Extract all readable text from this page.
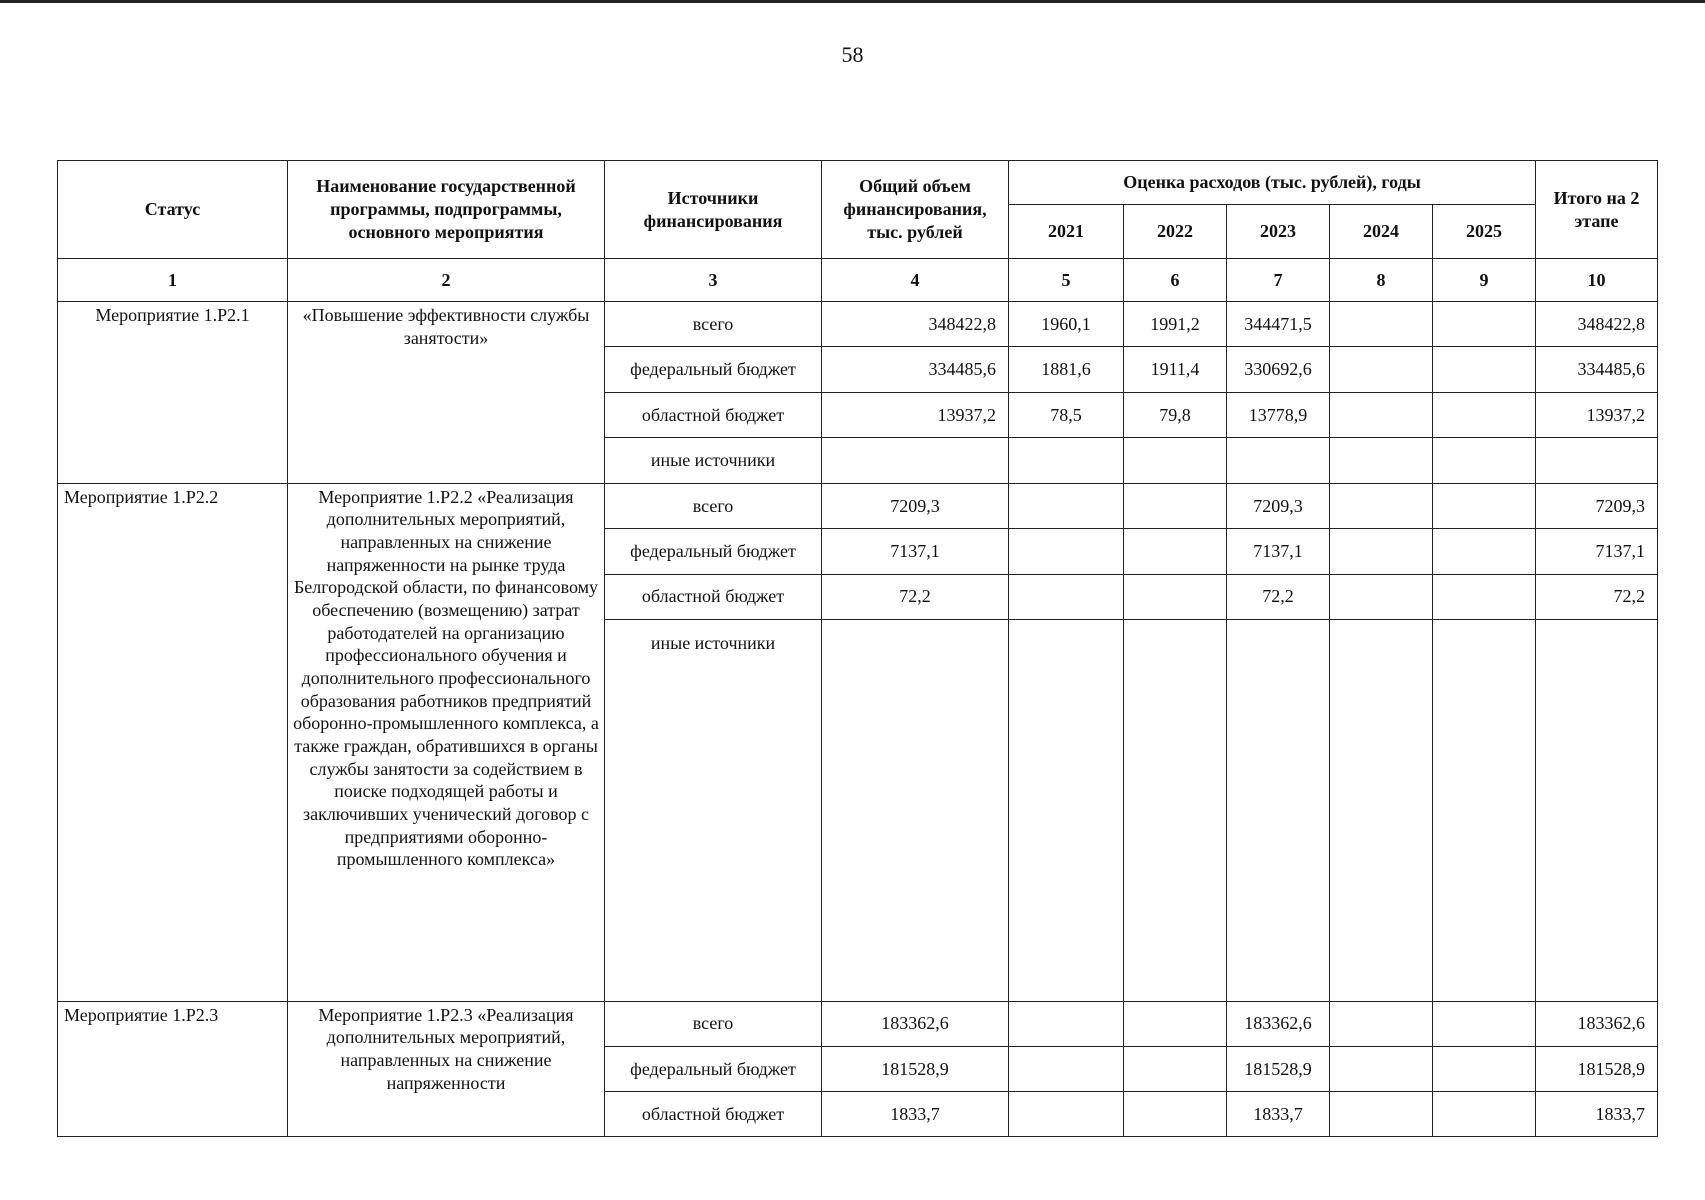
58
Статус	Наименование государственной программы, подпрограммы, основного мероприятия	Источники финансирования	Общий объем финансирования, тыс. рублей	Оценка расходов (тыс. рублей), годы					Итого на 2 этапе
				2021	2022	2023	2024	2025	
1	2	3	4	5	6	7	8	9	10
Мероприятие 1.Р2.1	«Повышение эффективности службы занятости»	всего	348422,8	1960,1	1991,2	344471,5			348422,8
		федеральный бюджет	334485,6	1881,6	1911,4	330692,6			334485,6
		областной бюджет	13937,2	78,5	79,8	13778,9			13937,2
		иные источники							
Мероприятие 1.Р2.2	Мероприятие 1.Р2.2 «Реализация дополнительных мероприятий, направленных на снижение напряженности на рынке труда Белгородской области, по финансовому обеспечению (возмещению) затрат работодателей на организацию профессионального обучения и дополнительного профессионального образования работников предприятий оборонно-промышленного комплекса, а также граждан, обратившихся в органы службы занятости за содействием в поиске подходящей работы и заключивших ученический договор с предприятиями оборонно-промышленного комплекса»	всего	7209,3			7209,3			7209,3
		федеральный бюджет	7137,1			7137,1			7137,1
		областной бюджет	72,2			72,2			72,2
		иные источники							
Мероприятие 1.Р2.3	Мероприятие 1.Р2.3 «Реализация дополнительных мероприятий, направленных на снижение напряженности	всего	183362,6			183362,6			183362,6
		федеральный бюджет	181528,9			181528,9			181528,9
		областной бюджет	1833,7			1833,7			1833,7
